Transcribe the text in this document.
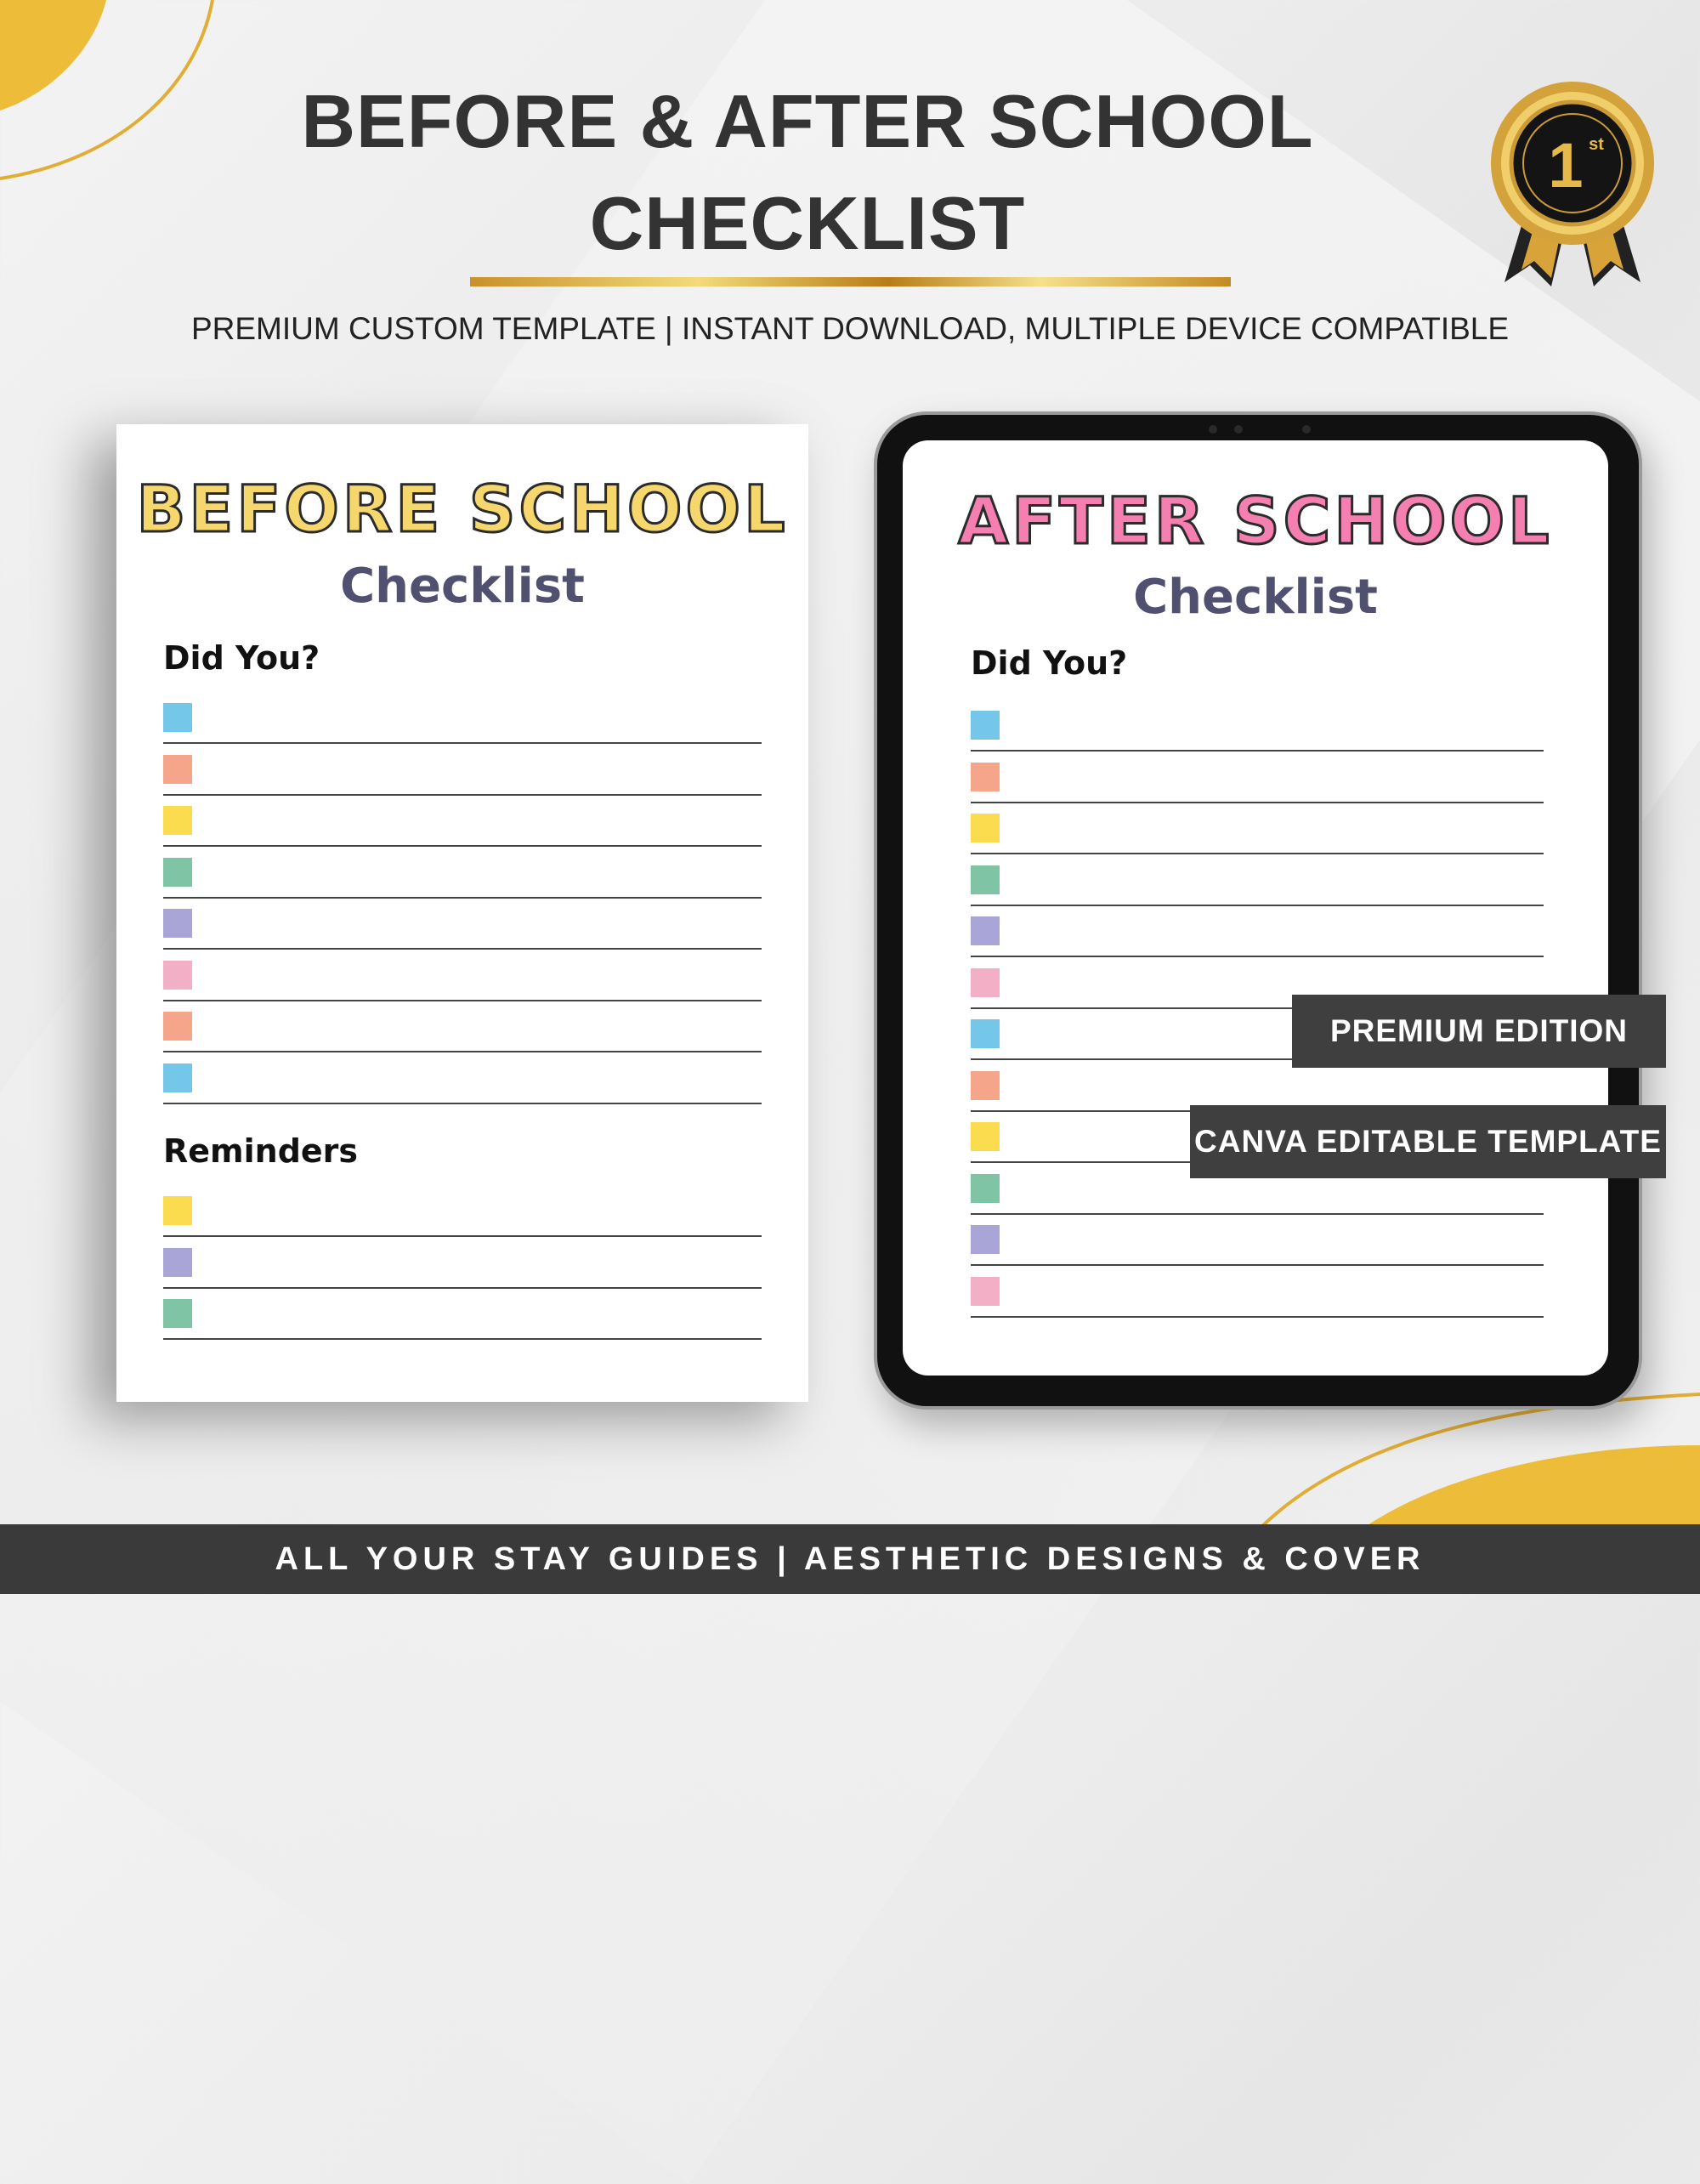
BEFORE & AFTER SCHOOL
CHECKLIST
PREMIUM CUSTOM TEMPLATE | INSTANT DOWNLOAD, MULTIPLE DEVICE COMPATIBLE
1 st
BEFORE SCHOOL
Checklist
Did You?
Reminders
AFTER SCHOOL
Checklist
Did You?
PREMIUM EDITION
CANVA EDITABLE TEMPLATE
ALL YOUR STAY GUIDES | AESTHETIC DESIGNS & COVER
